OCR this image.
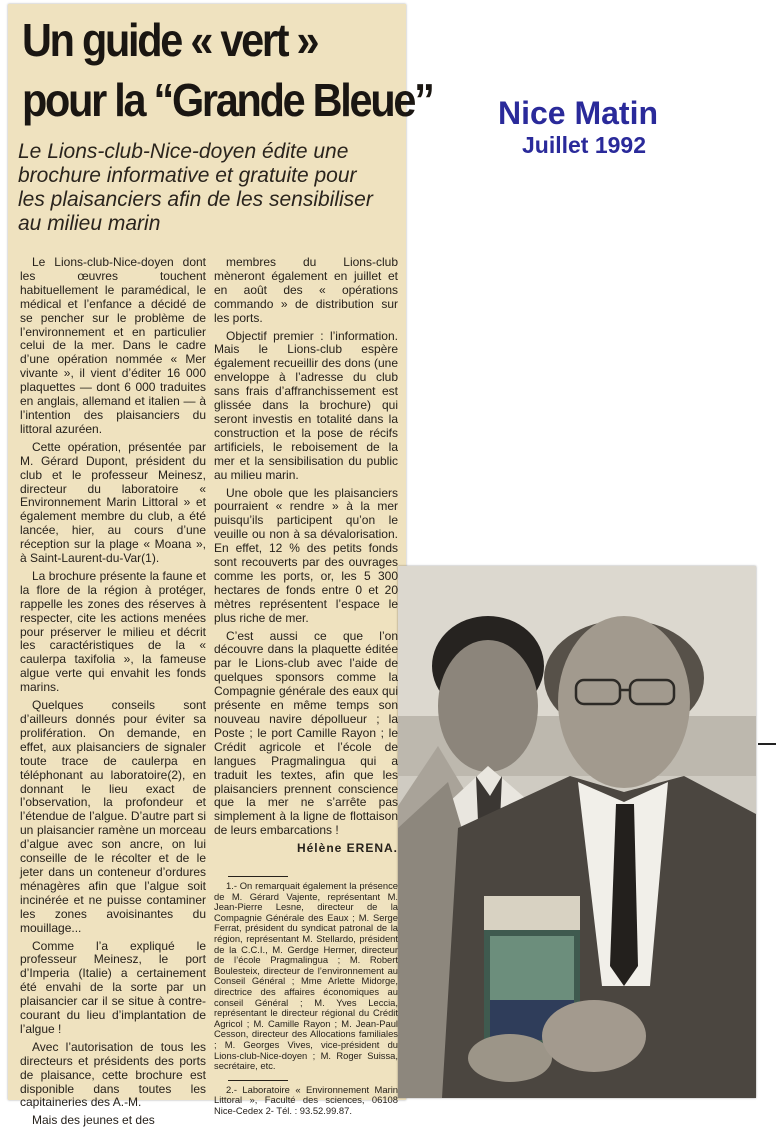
Un guide « vert »
pour la “Grande Bleue”
Le Lions-club-Nice-doyen édite une
brochure informative et gratuite pour
les plaisanciers afin de les sensibiliser
au milieu marin

Le Lions-club-Nice-doyen dont les œuvres touchent habituellement le paramédical, le médical et l’enfance a décidé de se pencher sur le problème de l’environnement et en particulier celui de la mer. Dans le cadre d’une opération nommée « Mer vivante », il vient d’éditer 16 000 plaquettes — dont 6 000 traduites en anglais, allemand et italien — à l’intention des plaisanciers du littoral azuréen.

Cette opération, présentée par M. Gérard Dupont, président du club et le professeur Meinesz, directeur du laboratoire « Environnement Marin Littoral » et également membre du club, a été lancée, hier, au cours d’une réception sur la plage « Moana », à Saint-Laurent-du-Var(1).

La brochure présente la faune et la flore de la région à protéger, rappelle les zones des réserves à respecter, cite les actions menées pour préserver le milieu et décrit les caractéristiques de la « caulerpa taxifolia », la fameuse algue verte qui envahit les fonds marins.

Quelques conseils sont d’ailleurs donnés pour éviter sa prolifération. On demande, en effet, aux plaisanciers de signaler toute trace de caulerpa en téléphonant au laboratoire(2), en donnant le lieu exact de l’observation, la profondeur et l’étendue de l’algue. D’autre part si un plaisancier ramène un morceau d’algue avec son ancre, on lui conseille de le récolter et de le jeter dans un conteneur d’ordures ménagères afin que l’algue soit incinérée et ne puisse contaminer les zones avoisinantes du mouillage...

Comme l’a expliqué le professeur Meinesz, le port d’Imperia (Italie) a certainement été envahi de la sorte par un plaisancier car il se situe à contre-courant du lieu d’implantation de l’algue !

Avec l’autorisation de tous les directeurs et présidents des ports de plaisance, cette brochure est disponible dans toutes les capitaineries des A.-M.

Mais des jeunes et des

membres du Lions-club mèneront également en juillet et en août des « opérations commando » de distribution sur les ports.

Objectif premier : l’information. Mais le Lions-club espère également recueillir des dons (une enveloppe à l’adresse du club sans frais d’affranchissement est glissée dans la brochure) qui seront investis en totalité dans la construction et la pose de récifs artificiels, le reboisement de la mer et la sensibilisation du public au milieu marin.

Une obole que les plaisanciers pourraient « rendre » à la mer puisqu’ils participent qu’on le veuille ou non à sa dévalorisation. En effet, 12 % des petits fonds sont recouverts par des ouvrages comme les ports, or, les 5 300 hectares de fonds entre 0 et 20 mètres représentent l’espace le plus riche de mer.

C’est aussi ce que l’on découvre dans la plaquette éditée par le Lions-club avec l’aide de quelques sponsors comme la Compagnie générale des eaux qui présente en même temps son nouveau navire dépollueur ; la Poste ; le port Camille Rayon ; le Crédit agricole et l’école de langues Pragmalingua qui a traduit les textes, afin que les plaisanciers prennent conscience que la mer ne s’arrête pas simplement à la ligne de flottaison de leurs embarcations !

Hélène ERENA.

1.- On remarquait également la présence de M. Gérard Vajente, représentant M. Jean-Pierre Lesne, directeur de la Compagnie Générale des Eaux ; M. Serge Ferrat, président du syndicat patronal de la région, représentant M. Stellardo, président de la C.C.I., M. Gerdge Hermer, directeur de l’école Pragmalingua ; M. Robert Boulesteix, directeur de l’environnement au Conseil Général ; Mme Arlette Midorge, directrice des affaires économiques au conseil Général ; M. Yves Leccia, représentant le directeur régional du Crédit Agricol ; M. Camille Rayon ; M. Jean-Paul Cesson, directeur des Allocations familiales ; M. Georges Vives, vice-président du Lions-club-Nice-doyen ; M. Roger Suissa, secrétaire, etc.

2.- Laboratoire « Environnement Marin Littoral », Faculté des sciences, 06108 Nice-Cedex 2- Tél. : 93.52.99.87.

Nice Matin
Juillet 1992
